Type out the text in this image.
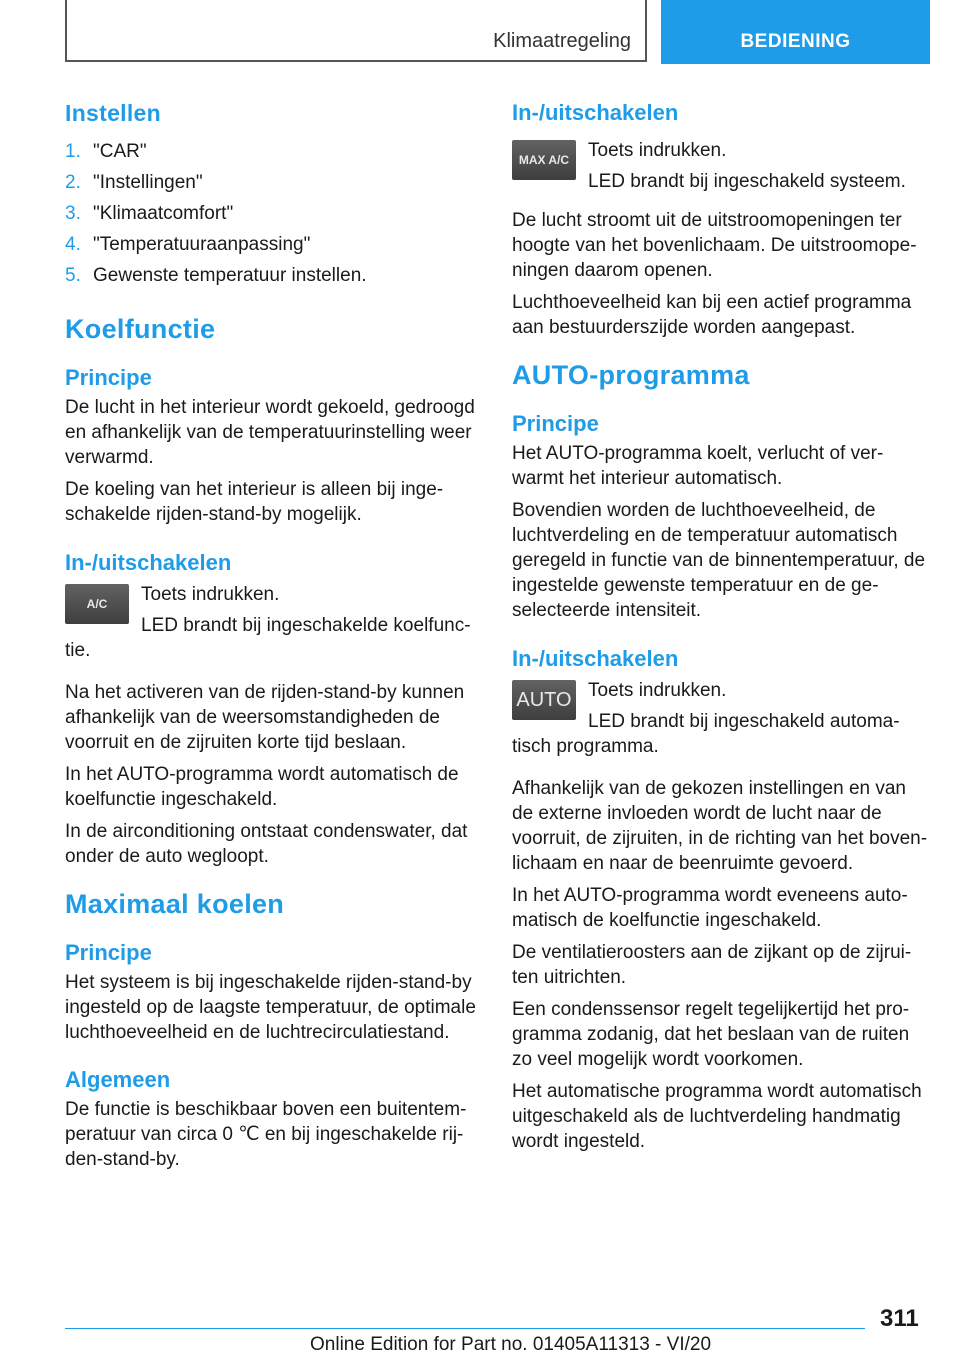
Klimaatregeling	BEDIENING
Instellen
1. "CAR"
2. "Instellingen"
3. "Klimaatcomfort"
4. "Temperatuuraanpassing"
5. Gewenste temperatuur instellen.
Koelfunctie
Principe

De lucht in het interieur wordt gekoeld, gedroogd en afhankelijk van de temperatuurinstelling weer verwarmd.

De koeling van het interieur is alleen bij inge‐schakelde rijden-stand-by mogelijk.

In-/uitschakelen
A/C	Toets indrukken.

LED brandt bij ingeschakelde koelfunc‐

tie.

Na het activeren van de rijden-stand-by kunnen afhankelijk van de weersomstandigheden de voorruit en de zijruiten korte tijd beslaan.

In het AUTO-programma wordt automatisch de koelfunctie ingeschakeld.

In de airconditioning ontstaat condenswater, dat onder de auto wegloopt.

Maximaal koelen
Principe

Het systeem is bij ingeschakelde rijden-stand-by ingesteld op de laagste temperatuur, de optimale luchthoeveelheid en de luchtrecirculatiestand.

Algemeen

De functie is beschikbaar boven een buitentem‐peratuur van circa 0 ℃ en bij ingeschakelde rij‐den-stand-by.

In-/uitschakelen
MAX A/C Toets indrukken.

LED brandt bij ingeschakeld systeem.

De lucht stroomt uit de uitstroomopeningen ter hoogte van het bovenlichaam. De uitstroomope‐ningen daarom openen.

Luchthoeveelheid kan bij een actief programma aan bestuurderszijde worden aangepast.

AUTO-programma
Principe

Het AUTO-programma koelt, verlucht of ver‐warmt het interieur automatisch.

Bovendien worden de luchthoeveelheid, de luchtverdeling en de temperatuur automatisch geregeld in functie van de binnentemperatuur, de ingestelde gewenste temperatuur en de ge‐selecteerde intensiteit.

In-/uitschakelen
AUTO Toets indrukken.

LED brandt bij ingeschakeld automa‐

tisch programma.

Afhankelijk van de gekozen instellingen en van de externe invloeden wordt de lucht naar de voorruit, de zijruiten, in de richting van het boven‐lichaam en naar de beenruimte gevoerd.

In het AUTO-programma wordt eveneens auto‐matisch de koelfunctie ingeschakeld.

De ventilatieroosters aan de zijkant op de zijrui‐ten uitrichten.

Een condenssensor regelt tegelijkertijd het pro‐gramma zodanig, dat het beslaan van de ruiten zo veel mogelijk wordt voorkomen.

Het automatische programma wordt automatisch uitgeschakeld als de luchtverdeling handmatig wordt ingesteld.

311
Online Edition for Part no. 01405A11313 - VI/20
